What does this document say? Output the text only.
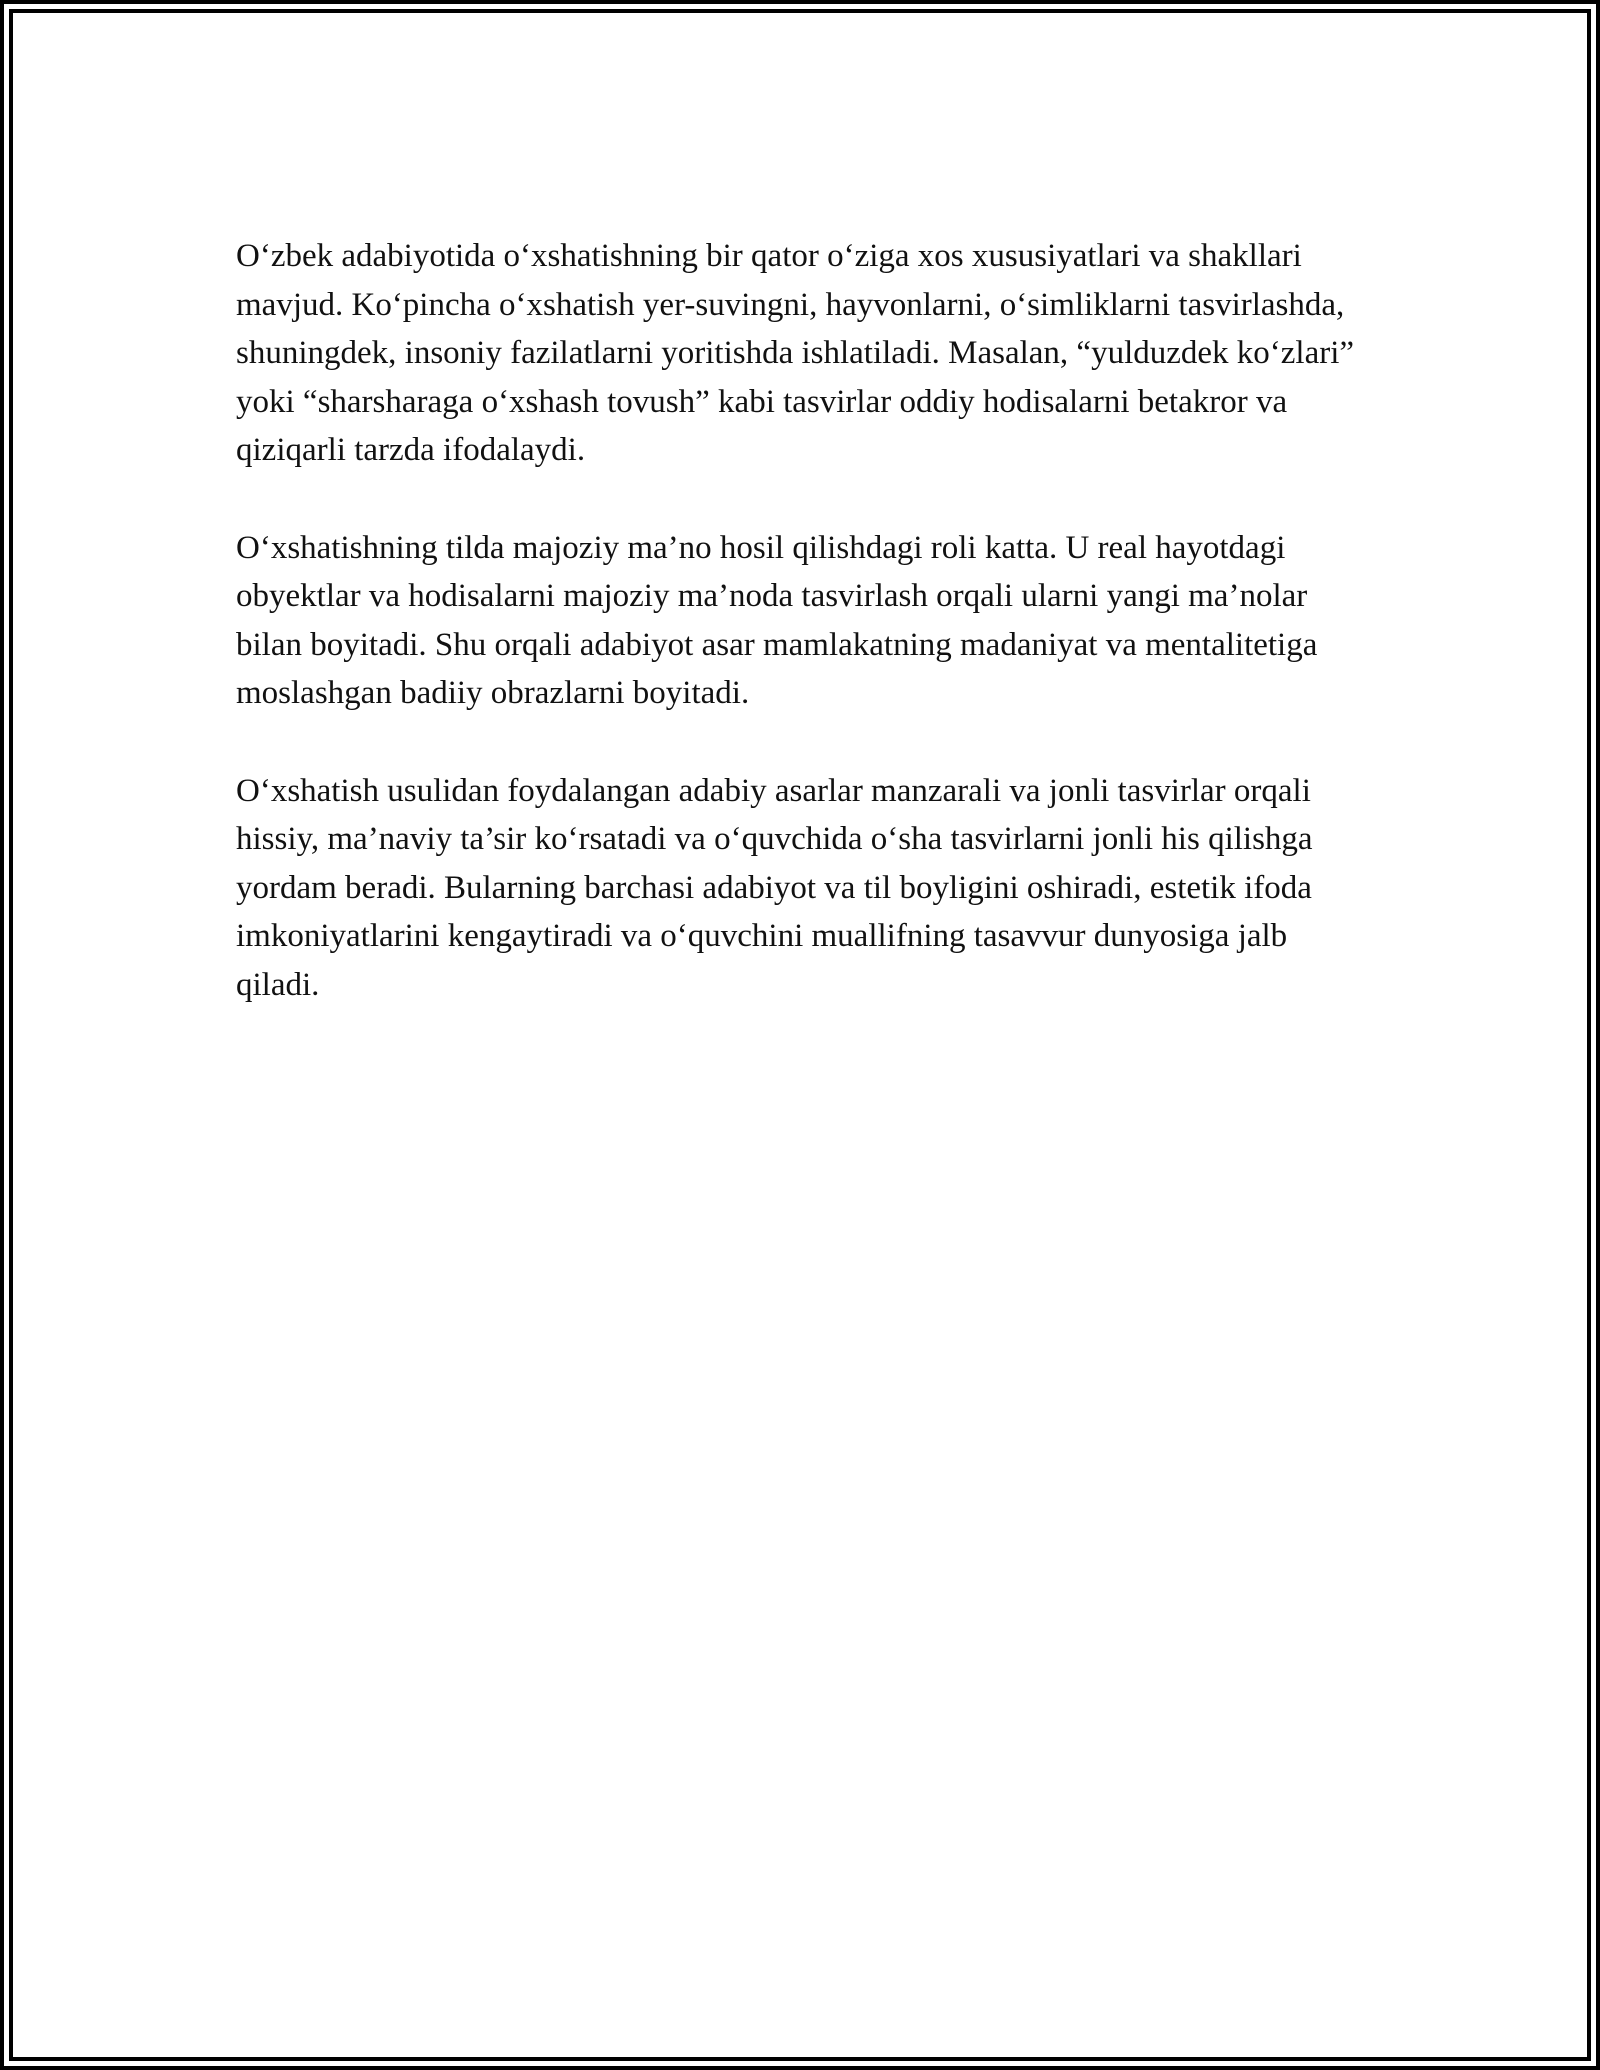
O‘zbek adabiyotida o‘xshatishning bir qator o‘ziga xos xususiyatlari va shakllari mavjud. Ko‘pincha o‘xshatish yer-suvingni, hayvonlarni, o‘simliklarni tasvirlashda, shuningdek, insoniy fazilatlarni yoritishda ishlatiladi. Masalan, “yulduzdek ko‘zlari” yoki “sharsharaga o‘xshash tovush” kabi tasvirlar oddiy hodisalarni betakror va qiziqarli tarzda ifodalaydi.

O‘xshatishning tilda majoziy ma’no hosil qilishdagi roli katta. U real hayotdagi obyektlar va hodisalarni majoziy ma’noda tasvirlash orqali ularni yangi ma’nolar bilan boyitadi. Shu orqali adabiyot asar mamlakatning madaniyat va mentalitetiga moslashgan badiiy obrazlarni boyitadi.

O‘xshatish usulidan foydalangan adabiy asarlar manzarali va jonli tasvirlar orqali hissiy, ma’naviy ta’sir ko‘rsatadi va o‘quvchida o‘sha tasvirlarni jonli his qilishga yordam beradi. Bularning barchasi adabiyot va til boyligini oshiradi, estetik ifoda imkoniyatlarini kengaytiradi va o‘quvchini muallifning tasavvur dunyosiga jalb qiladi.
